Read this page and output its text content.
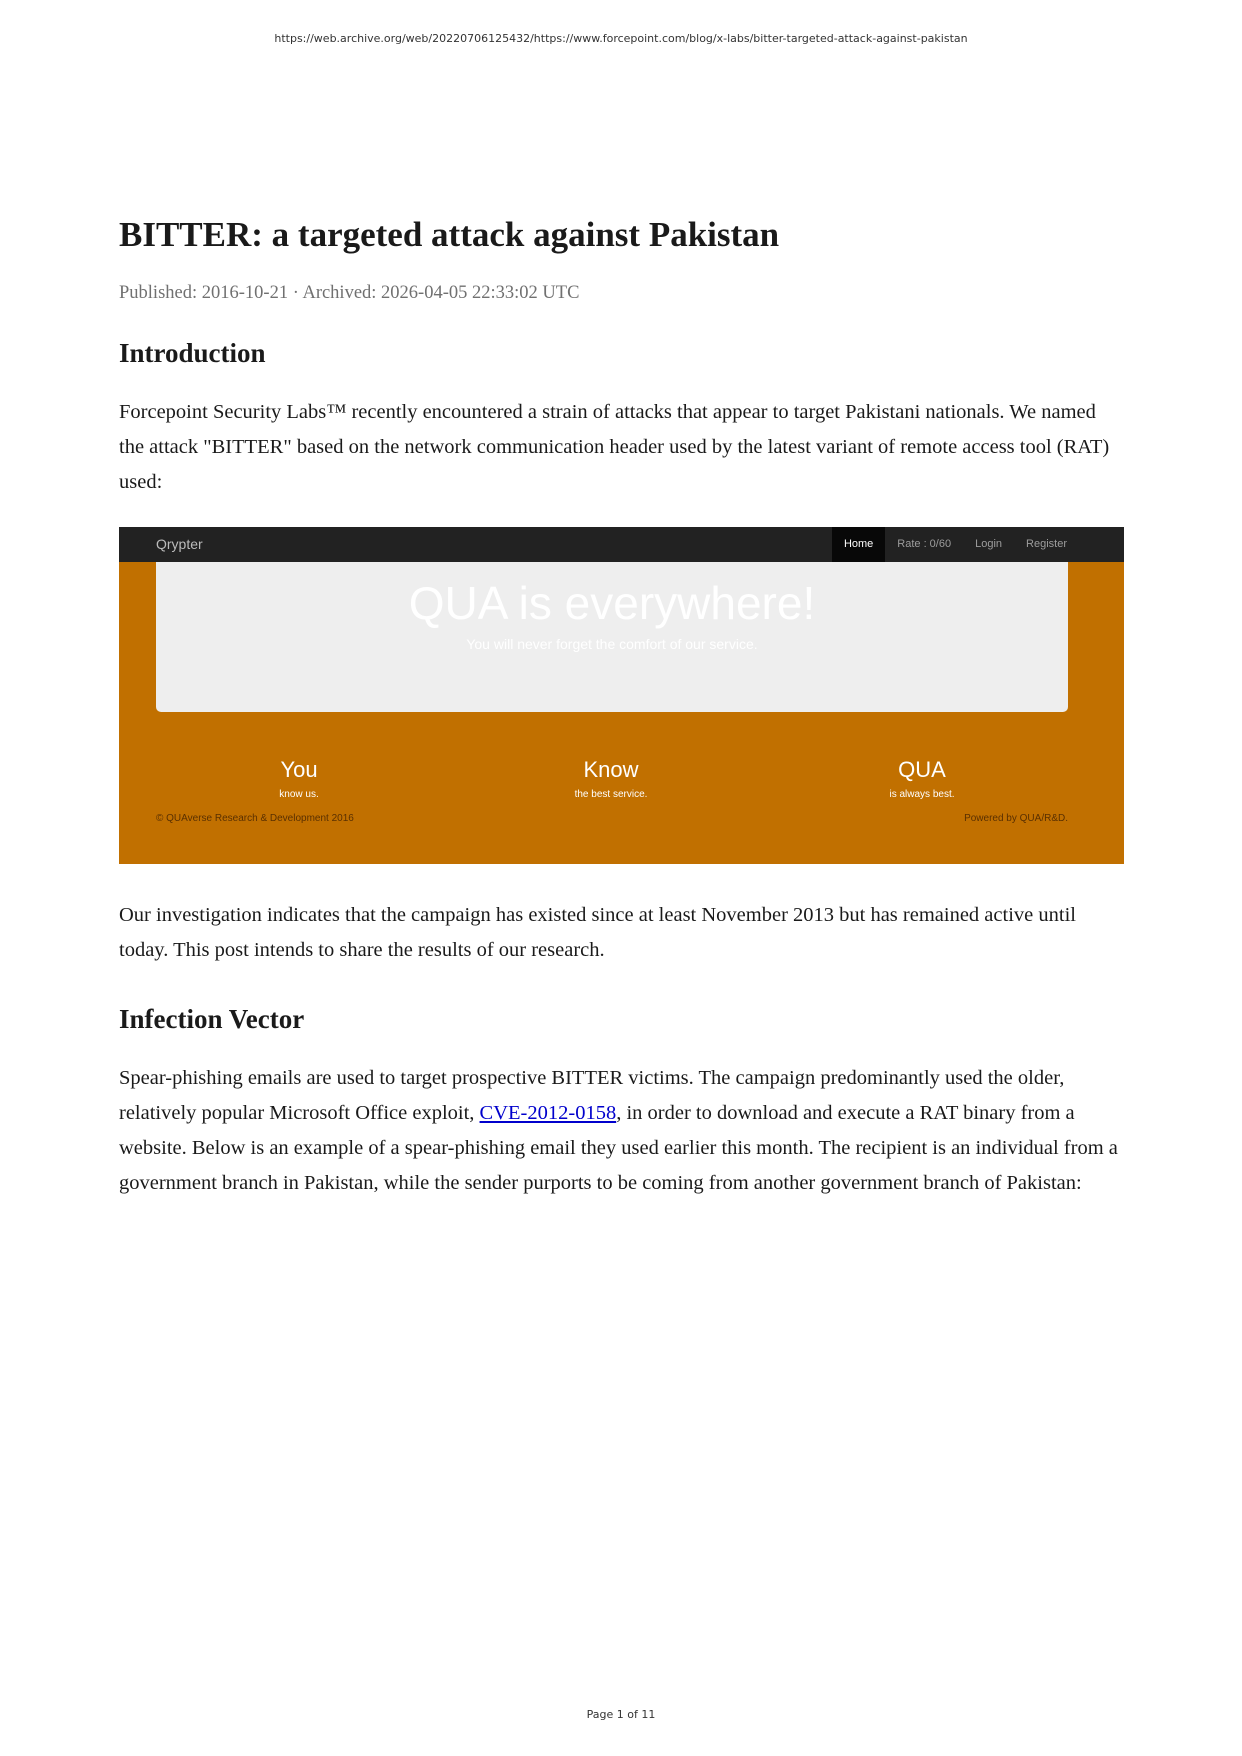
https://web.archive.org/web/20220706125432/https://www.forcepoint.com/blog/x-labs/bitter-targeted-attack-against-pakistan
BITTER: a targeted attack against Pakistan
Published: 2016-10-21 · Archived: 2026-04-05 22:33:02 UTC
Introduction

Forcepoint Security Labs™ recently encountered a strain of attacks that appear to target Pakistani nationals. We named the attack "BITTER" based on the network communication header used by the latest variant of remote access tool (RAT) used:

Qrypter	Home	Rate : 0/60	Login	Register
QUA is everywhere!
You will never forget the comfort of our service.
You
know us.
Know
the best service.
QUA
is always best.
© QUAverse Research & Development 2016	Powered by QUA/R&D.

Our investigation indicates that the campaign has existed since at least November 2013 but has remained active until today. This post intends to share the results of our research.

Infection Vector

Spear-phishing emails are used to target prospective BITTER victims. The campaign predominantly used the older, relatively popular Microsoft Office exploit, CVE-2012-0158, in order to download and execute a RAT binary from a website. Below is an example of a spear-phishing email they used earlier this month. The recipient is an individual from a government branch in Pakistan, while the sender purports to be coming from another government branch of Pakistan:

Page 1 of 11
